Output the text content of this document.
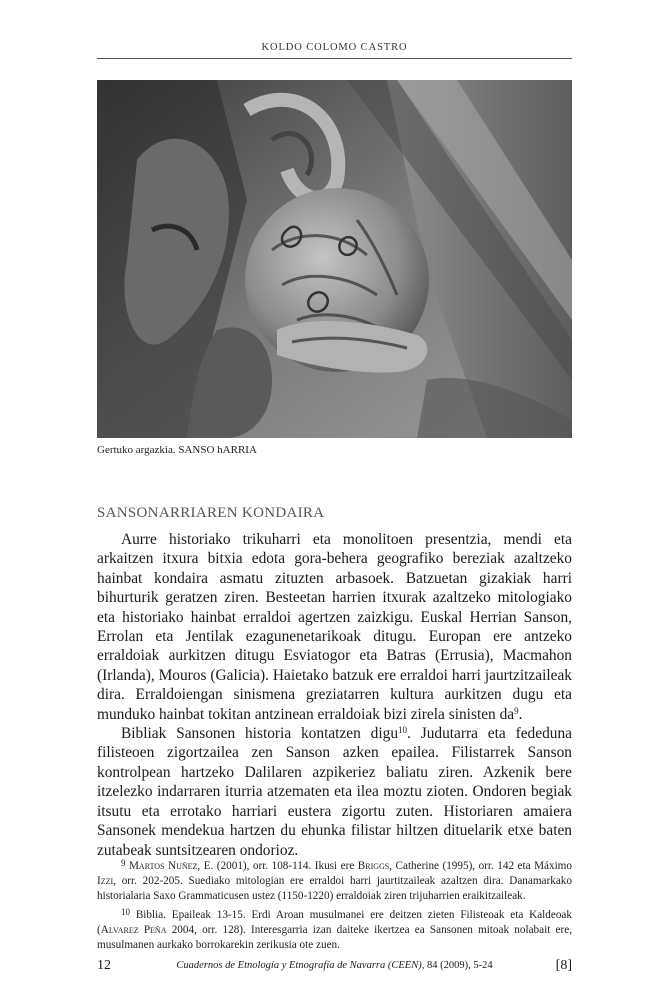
KOLDO COLOMO CASTRO
Gertuko argazkia. SANSO hARRIA
SANSONARRIAREN KONDAIRA

Aurre historiako trikuharri eta monolitoen presentzia, mendi eta arkaitzen itxura bitxia edota gora-behera geografiko bereziak azaltzeko hainbat kondaira asmatu zituzten arbasoek. Batzuetan gizakiak harri bihurturik geratzen ziren. Besteetan harrien itxurak azaltzeko mitologiako eta historiako hainbat erraldoi agertzen zaizkigu. Euskal Herrian Sanson, Errolan eta Jentilak ezagunenetarikoak ditugu. Europan ere antzeko erraldoiak aurkitzen ditugu Esviatogor eta Batras (Errusia), Macmahon (Irlanda), Mouros (Galicia). Haietako batzuk ere erraldoi harri jaurtzitzaileak dira. Erraldoiengan sinismena greziatarren kultura aurkitzen dugu eta munduko hainbat tokitan antzinean erraldoiak bizi zirela sinisten $da^9$.

Bibliak Sansonen historia kontatzen digu$^{10}$. Judutarra eta fededuna filisteoen zigortzailea zen Sanson azken epailea. Filistarrek Sanson kontrolpean hartzeko Dalilaren azpikeriez baliatu ziren. Azkenik bere itzelezko indarraren iturria atzematen eta ilea moztu zioten. Ondoren begiak itsutu eta errotako harriari eustera zigortu zuten. Historiaren amaiera Sansonek mendekua hartzen du ehunka filistar hiltzen dituelarik etxe baten zutabeak suntsitzearen ondorioz.

$^9$ Martos Nuñez, E. (2001), orr. 108-114. Ikusi ere Briggs, Catherine (1995), orr. 142 eta Máximo Izzi, orr. 202-205. Suediako mitologian ere erraldoi harri jaurtitzaileak azaltzen dira. Danamarkako historialaria Saxo Grammaticusen ustez (1150-1220) erraldoiak ziren trijuharrien eraikitzaileak.

$^{10}$ Biblia. Epaileak 13-15. Erdi Aroan musulmanei ere deitzen zieten Filisteoak eta Kaldeoak (Alvarez Peña 2004, orr. 128). Interesgarria izan daiteke ikertzea ea Sansonen mitoak nolabait ere, musulmanen aurkako borrokarekin zerikusia ote zuen.

12	Cuadernos de Etnología y Etnografía de Navarra (CEEN), 84 (2009), 5-24	[8]
